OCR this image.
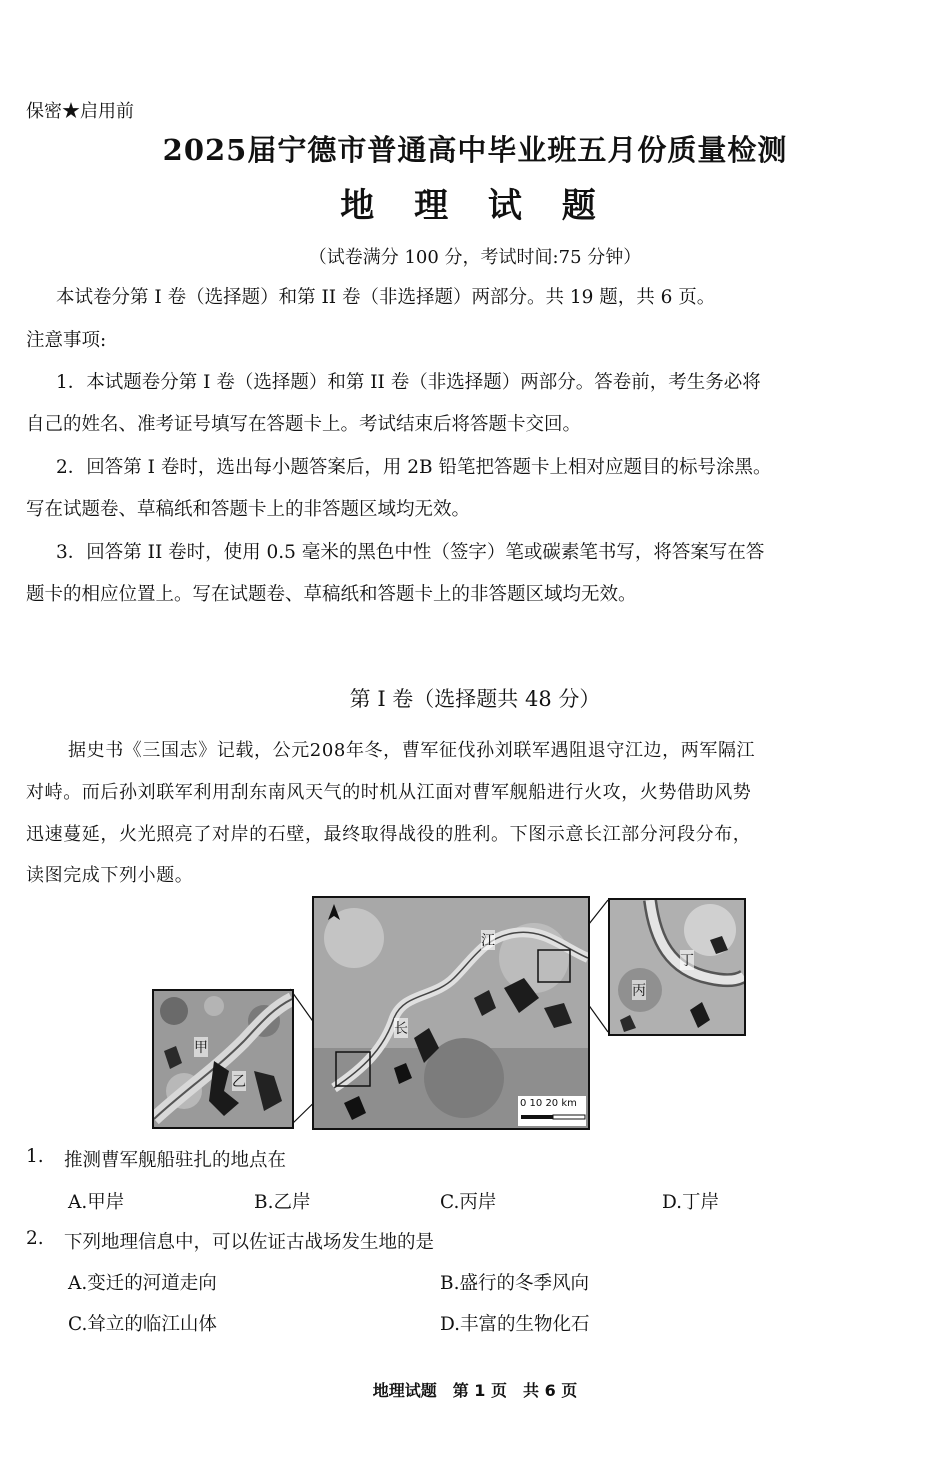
保密★启用前
2025届宁德市普通高中毕业班五月份质量检测
地 理 试 题
（试卷满分 100 分，考试时间:75 分钟）
本试卷分第 I 卷（选择题）和第 II 卷（非选择题）两部分。共 19 题，共 6 页。
注意事项:
1．本试题卷分第 I 卷（选择题）和第 II 卷（非选择题）两部分。答卷前，考生务必将
自己的姓名、准考证号填写在答题卡上。考试结束后将答题卡交回。
2．回答第 I 卷时，选出每小题答案后，用 2B 铅笔把答题卡上相对应题目的标号涂黑。
写在试题卷、草稿纸和答题卡上的非答题区域均无效。
3．回答第 II 卷时，使用 0.5 毫米的黑色中性（签字）笔或碳素笔书写，将答案写在答
题卡的相应位置上。写在试题卷、草稿纸和答题卡上的非答题区域均无效。
第 I 卷（选择题共 48 分）
据史书《三国志》记载，公元208年冬，曹军征伐孙刘联军遇阻退守江边，两军隔江
对峙。而后孙刘联军利用刮东南风天气的时机从江面对曹军舰船进行火攻，火势借助风势
迅速蔓延，火光照亮了对岸的石壁，最终取得战役的胜利。下图示意长江部分河段分布，
读图完成下列小题。
甲
乙
江
长
0 10 20 km
丁
丙
1. 推测曹军舰船驻扎的地点在
A.甲岸	B.乙岸	C.丙岸	D.丁岸
2. 下列地理信息中，可以佐证古战场发生地的是
A.变迁的河道走向	B.盛行的冬季风向
C.耸立的临江山体	D.丰富的生物化石
地理试题　第 1 页　共 6 页
